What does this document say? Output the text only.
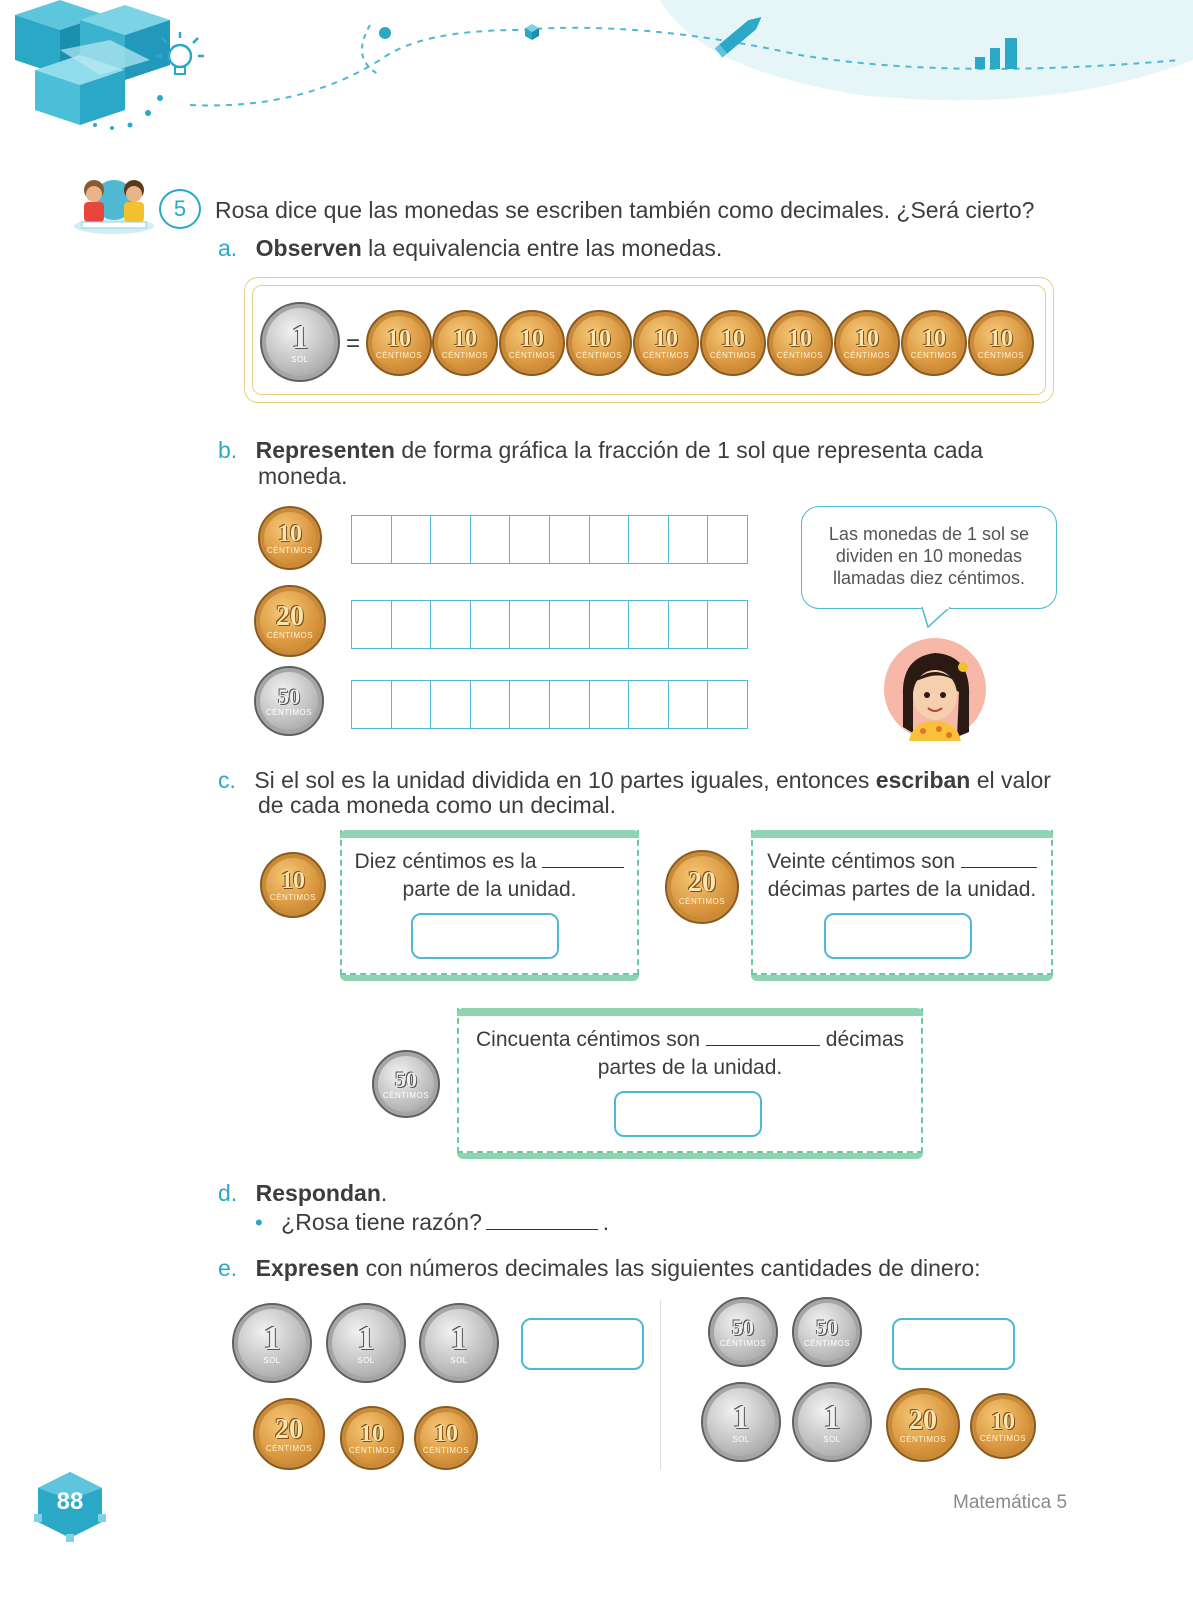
5 Rosa dice que las monedas se escriben también como decimales. ¿Será cierto?
a. Observen la equivalencia entre las monedas.
1
SOL
= 10
CÉNTIMOS
10
CÉNTIMOS
10
CÉNTIMOS
10
CÉNTIMOS
10
CÉNTIMOS
10
CÉNTIMOS
10
CÉNTIMOS
10
CÉNTIMOS
10
CÉNTIMOS
10
CÉNTIMOS
b. Representen de forma gráfica la fracción de 1 sol que representa cada
moneda.
10
CÉNTIMOS
20
CÉNTIMOS
50
CÉNTIMOS
Las monedas de 1 sol se
dividen en 10 monedas
llamadas diez céntimos.
c. Si el sol es la unidad dividida en 10 partes iguales, entonces escriban el valor
de cada moneda como un decimal.
10
CÉNTIMOS
Diez céntimos es la
parte de la unidad.	20
CÉNTIMOS
Veinte céntimos son
décimas partes de la unidad.
50
CÉNTIMOS
Cincuenta céntimos son	décimas
partes de la unidad.
d. Respondan.
• ¿Rosa tiene razón?	.
e. Expresen con números decimales las siguientes cantidades de dinero:
1
SOL
1
SOL
1
SOL
20
CÉNTIMOS
10
CÉNTIMOS
10
CÉNTIMOS
50
CÉNTIMOS
50
CÉNTIMOS
1
SOL
1
SOL
20
CÉNTIMOS
10
CÉNTIMOS
88	Matemática 5
